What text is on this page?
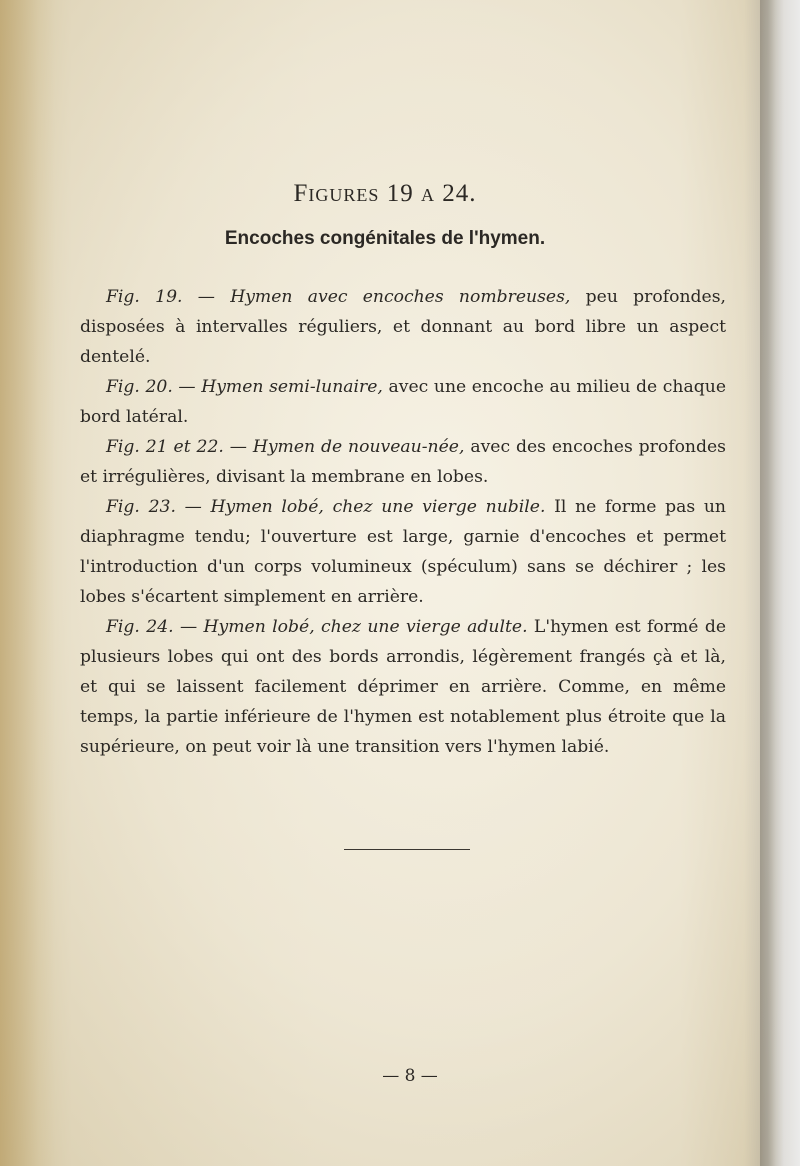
Figures 19 a 24.
Encoches congénitales de l'hymen.

Fig. 19. — Hymen avec encoches nombreuses, peu profondes, disposées à intervalles réguliers, et donnant au bord libre un aspect dentelé.

Fig. 20. — Hymen semi-lunaire, avec une encoche au milieu de chaque bord latéral.

Fig. 21 et 22. — Hymen de nouveau-née, avec des encoches profondes et irrégulières, divisant la membrane en lobes.

Fig. 23. — Hymen lobé, chez une vierge nubile. Il ne forme pas un diaphragme tendu; l'ouverture est large, garnie d'encoches et permet l'introduction d'un corps volumineux (spéculum) sans se déchirer ; les lobes s'écartent simplement en arrière.

Fig. 24. — Hymen lobé, chez une vierge adulte. L'hymen est formé de plusieurs lobes qui ont des bords arrondis, légèrement frangés çà et là, et qui se laissent facilement déprimer en arrière. Comme, en même temps, la partie inférieure de l'hymen est notablement plus étroite que la supérieure, on peut voir là une transition vers l'hymen labié.

— 8 —
